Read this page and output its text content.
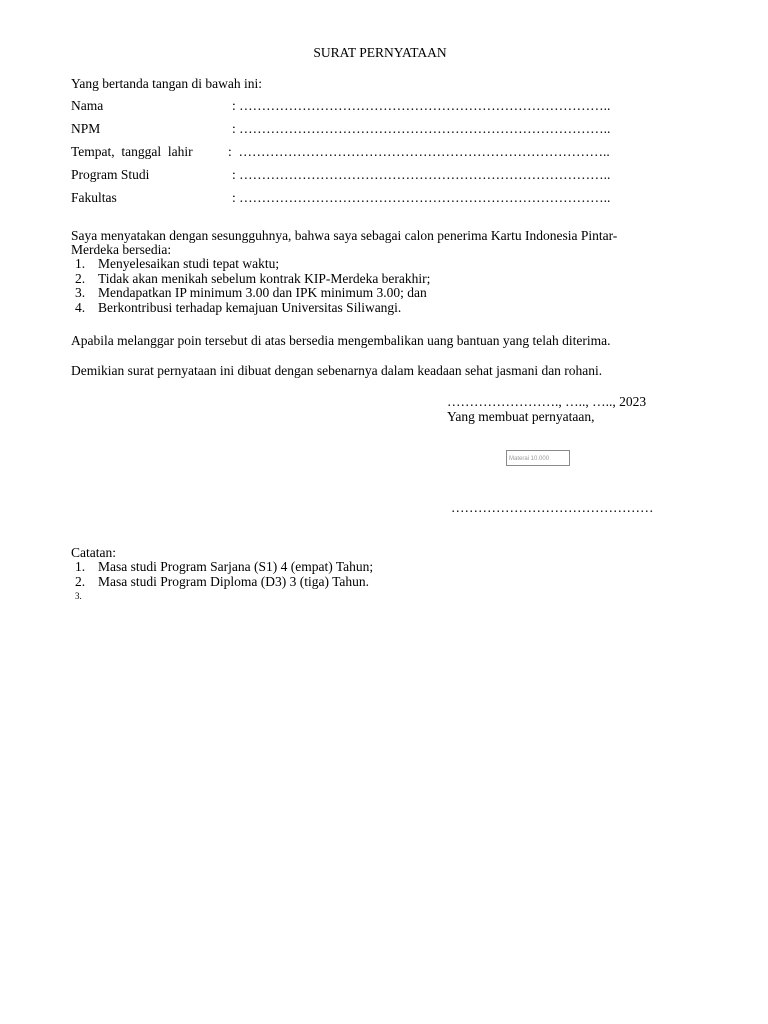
SURAT PERNYATAAN
Yang bertanda tangan di bawah ini:
Nama	: ………………………………………………………………………..
NPM	: ………………………………………………………………………..
Tempat,  tanggal  lahir	:  ………………………………………………………………………..
Program Studi	: ………………………………………………………………………..
Fakultas	: ………………………………………………………………………..
Saya menyatakan dengan sesungguhnya, bahwa saya sebagai calon penerima Kartu Indonesia Pintar-
Merdeka bersedia:
1. Menyelesaikan studi tepat waktu;
2. Tidak akan menikah sebelum kontrak KIP-Merdeka berakhir;
3. Mendapatkan IP minimum 3.00 dan IPK minimum 3.00; dan
4. Berkontribusi terhadap kemajuan Universitas Siliwangi.
Apabila melanggar poin tersebut di atas bersedia mengembalikan uang bantuan yang telah diterima.
Demikian surat pernyataan ini dibuat dengan sebenarnya dalam keadaan sehat jasmani dan rohani.
……………………., ….., ….., 2023
Yang membuat pernyataan,
Materai 10.000
………………………………………
Catatan:
1. Masa studi Program Sarjana (S1) 4 (empat) Tahun;
2. Masa studi Program Diploma (D3) 3 (tiga) Tahun.
3.
